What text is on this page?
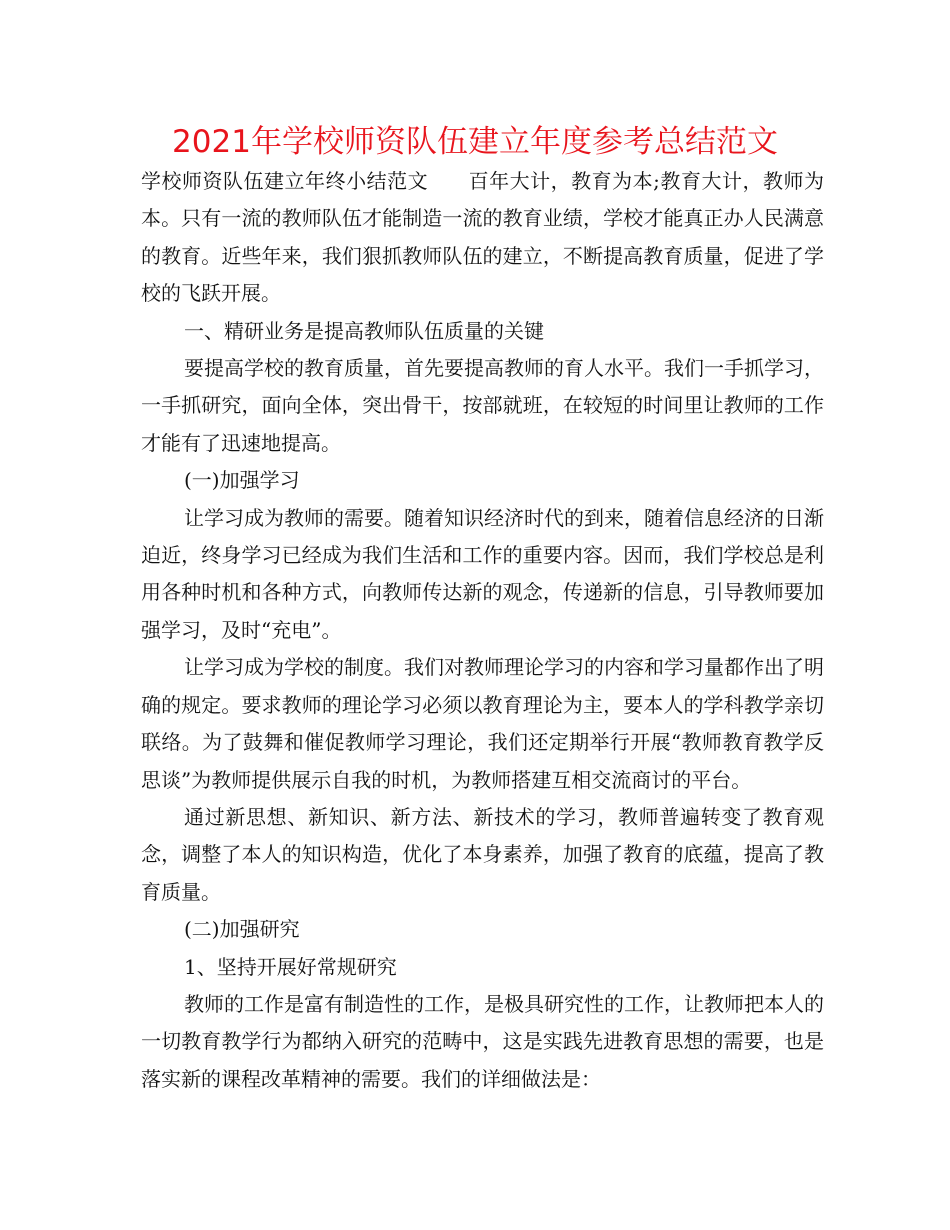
2021年学校师资队伍建立年度参考总结范文

学校师资队伍建立年终小结范文 百年大计，教育为本;教育大计，教师为本。只有一流的教师队伍才能制造一流的教育业绩，学校才能真正办人民满意的教育。近些年来，我们狠抓教师队伍的建立，不断提高教育质量，促进了学校的飞跃开展。

一、精研业务是提高教师队伍质量的关键

要提高学校的教育质量，首先要提高教师的育人水平。我们一手抓学习，一手抓研究，面向全体，突出骨干，按部就班，在较短的时间里让教师的工作才能有了迅速地提高。

(一)加强学习

让学习成为教师的需要。随着知识经济时代的到来，随着信息经济的日渐迫近，终身学习已经成为我们生活和工作的重要内容。因而，我们学校总是利用各种时机和各种方式，向教师传达新的观念，传递新的信息，引导教师要加强学习，及时“充电”。

让学习成为学校的制度。我们对教师理论学习的内容和学习量都作出了明确的规定。要求教师的理论学习必须以教育理论为主，要本人的学科教学亲切联络。为了鼓舞和催促教师学习理论，我们还定期举行开展“教师教育教学反思谈”为教师提供展示自我的时机，为教师搭建互相交流商讨的平台。

通过新思想、新知识、新方法、新技术的学习，教师普遍转变了教育观念，调整了本人的知识构造，优化了本身素养，加强了教育的底蕴，提高了教育质量。

(二)加强研究

1、坚持开展好常规研究

教师的工作是富有制造性的工作，是极具研究性的工作，让教师把本人的一切教育教学行为都纳入研究的范畴中，这是实践先进教育思想的需要，也是落实新的课程改革精神的需要。我们的详细做法是：
